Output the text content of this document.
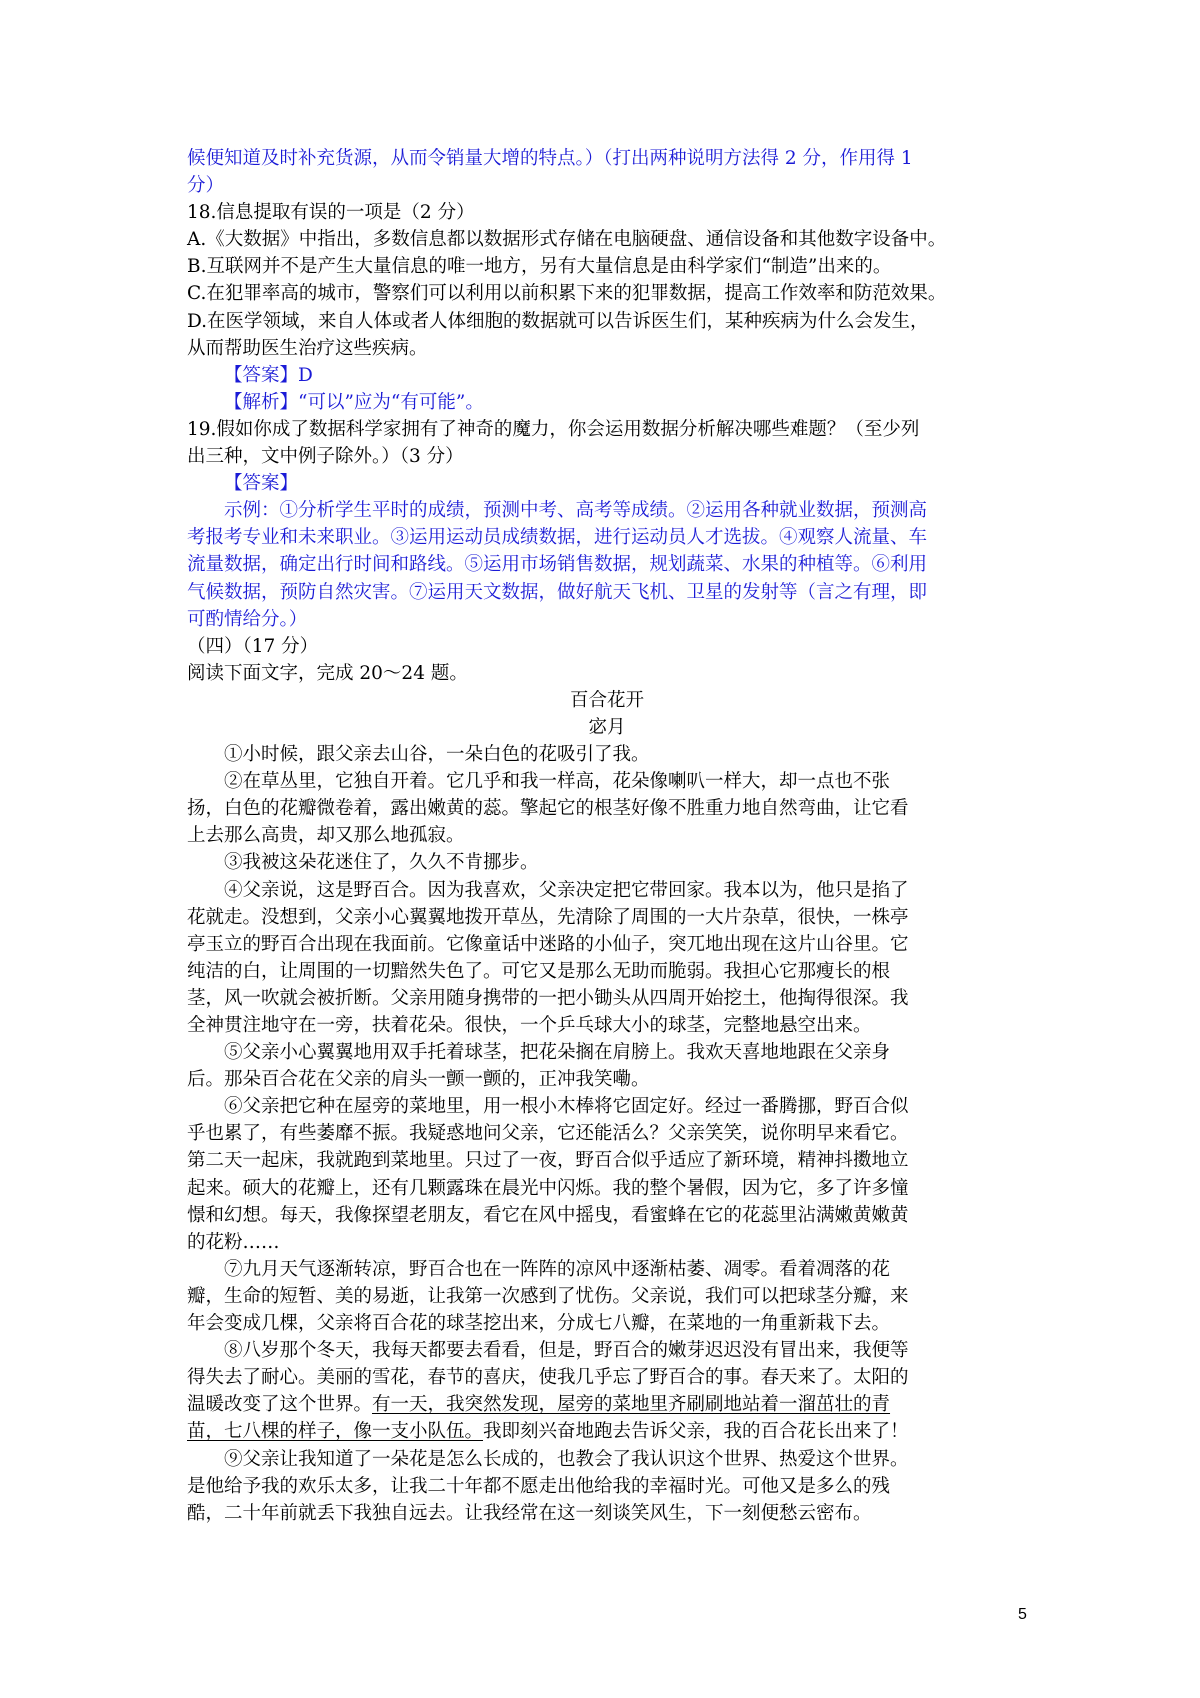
候便知道及时补充货源，从而令销量大增的特点。）（打出两种说明方法得 2 分，作用得 1
分）
18.信息提取有误的一项是（2 分）
A.《大数据》中指出，多数信息都以数据形式存储在电脑硬盘、通信设备和其他数字设备中。
B.互联网并不是产生大量信息的唯一地方，另有大量信息是由科学家们“制造”出来的。
C.在犯罪率高的城市，警察们可以利用以前积累下来的犯罪数据，提高工作效率和防范效果。
D.在医学领域，来自人体或者人体细胞的数据就可以告诉医生们，某种疾病为什么会发生，
从而帮助医生治疗这些疾病。
【答案】D
【解析】“可以”应为“有可能”。
19.假如你成了数据科学家拥有了神奇的魔力，你会运用数据分析解决哪些难题？（至少列
出三种，文中例子除外。）（3 分）
【答案】
示例：①分析学生平时的成绩，预测中考、高考等成绩。②运用各种就业数据，预测高
考报考专业和未来职业。③运用运动员成绩数据，进行运动员人才选拔。④观察人流量、车
流量数据，确定出行时间和路线。⑤运用市场销售数据，规划蔬菜、水果的种植等。⑥利用
气候数据，预防自然灾害。⑦运用天文数据，做好航天飞机、卫星的发射等（言之有理，即
可酌情给分。）
（四）（17 分）
阅读下面文字，完成 20～24 题。
百合花开
宓月
①小时候，跟父亲去山谷，一朵白色的花吸引了我。
②在草丛里，它独自开着。它几乎和我一样高，花朵像喇叭一样大，却一点也不张
扬，白色的花瓣微卷着，露出嫩黄的蕊。擎起它的根茎好像不胜重力地自然弯曲，让它看
上去那么高贵，却又那么地孤寂。
③我被这朵花迷住了，久久不肯挪步。
④父亲说，这是野百合。因为我喜欢，父亲决定把它带回家。我本以为，他只是掐了
花就走。没想到，父亲小心翼翼地拨开草丛，先清除了周围的一大片杂草，很快，一株亭
亭玉立的野百合出现在我面前。它像童话中迷路的小仙子，突兀地出现在这片山谷里。它
纯洁的白，让周围的一切黯然失色了。可它又是那么无助而脆弱。我担心它那瘦长的根
茎，风一吹就会被折断。父亲用随身携带的一把小锄头从四周开始挖土，他掏得很深。我
全神贯注地守在一旁，扶着花朵。很快，一个乒乓球大小的球茎，完整地悬空出来。
⑤父亲小心翼翼地用双手托着球茎，把花朵搁在肩膀上。我欢天喜地地跟在父亲身
后。那朵百合花在父亲的肩头一颤一颤的，正冲我笑嘞。
⑥父亲把它种在屋旁的菜地里，用一根小木棒将它固定好。经过一番腾挪，野百合似
乎也累了，有些萎靡不振。我疑惑地问父亲，它还能活么？父亲笑笑，说你明早来看它。
第二天一起床，我就跑到菜地里。只过了一夜，野百合似乎适应了新环境，精神抖擞地立
起来。硕大的花瓣上，还有几颗露珠在晨光中闪烁。我的整个暑假，因为它，多了许多憧
憬和幻想。每天，我像探望老朋友，看它在风中摇曳，看蜜蜂在它的花蕊里沾满嫩黄嫩黄
的花粉……
⑦九月天气逐渐转凉，野百合也在一阵阵的凉风中逐渐枯萎、凋零。看着凋落的花
瓣，生命的短暂、美的易逝，让我第一次感到了忧伤。父亲说，我们可以把球茎分瓣，来
年会变成几棵，父亲将百合花的球茎挖出来，分成七八瓣，在菜地的一角重新栽下去。
⑧八岁那个冬天，我每天都要去看看，但是，野百合的嫩芽迟迟没有冒出来，我便等
得失去了耐心。美丽的雪花，春节的喜庆，使我几乎忘了野百合的事。春天来了。太阳的
温暖改变了这个世界。有一天，我突然发现，屋旁的菜地里齐刷刷地站着一溜茁壮的青
苗，七八棵的样子，像一支小队伍。我即刻兴奋地跑去告诉父亲，我的百合花长出来了！
⑨父亲让我知道了一朵花是怎么长成的，也教会了我认识这个世界、热爱这个世界。
是他给予我的欢乐太多，让我二十年都不愿走出他给我的幸福时光。可他又是多么的残
酷，二十年前就丢下我独自远去。让我经常在这一刻谈笑风生，下一刻便愁云密布。
5
